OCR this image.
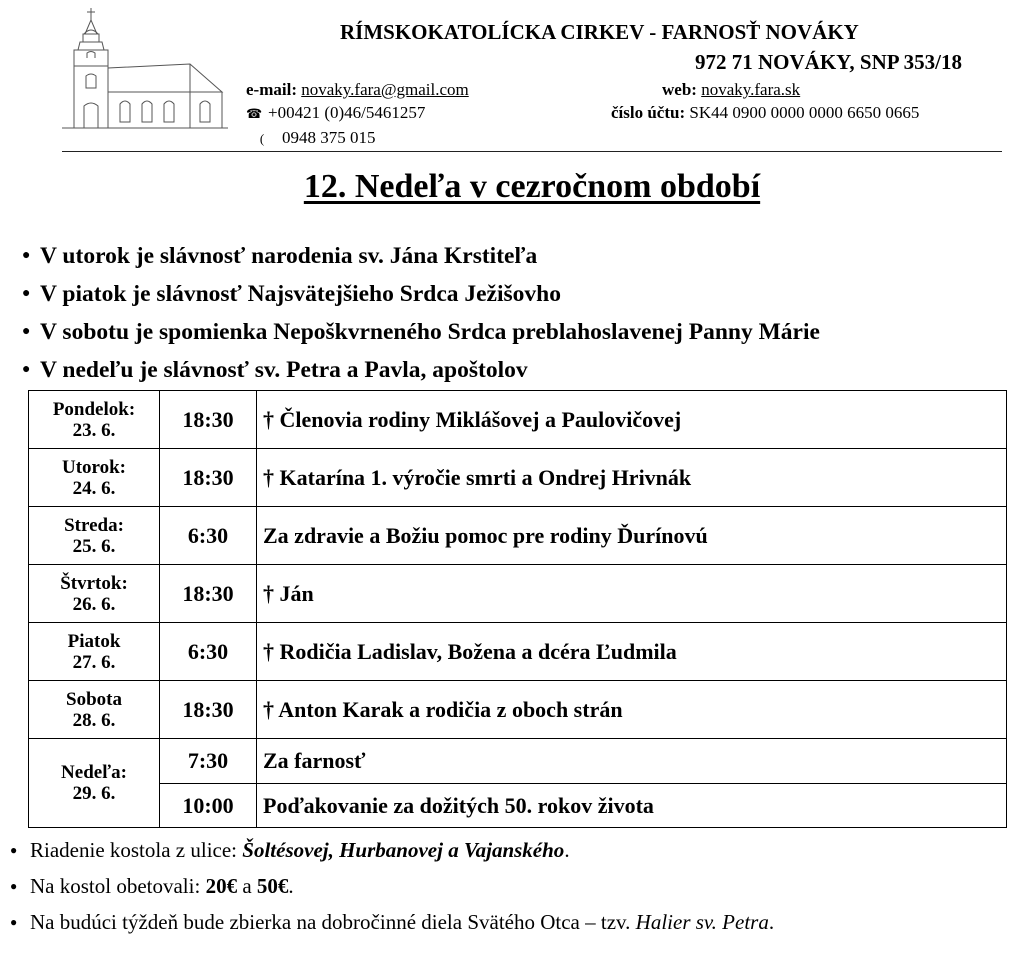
RÍMSKOKATOLÍCKA CIRKEV - FARNOSŤ NOVÁKY
972 71 NOVÁKY, SNP 353/18
e-mail: novaky.fara@gmail.com	web: novaky.fara.sk
☎ +00421 (0)46/5461257	číslo účtu: SK44 0900 0000 0000 6650 0665
( 0948 375 015
12. Nedeľa v cezročnom období
● V utorok je slávnosť narodenia sv. Jána Krstiteľa
● V piatok je slávnosť Najsvätejšieho Srdca Ježišovho
● V sobotu je spomienka Nepoškvrneného Srdca preblahoslavenej Panny Márie
● V nedeľu je slávnosť sv. Petra a Pavla, apoštolov
Pondelok:
23. 6.	18:30	† Členovia rodiny Miklášovej a Paulovičovej

Utorok:
24. 6.	18:30	† Katarína 1. výročie smrti a Ondrej Hrivnák

Streda:
25. 6.	6:30	Za zdravie a Božiu pomoc pre rodiny Ďurínovú

Štvrtok:
26. 6.	18:30	† Ján

Piatok
27. 6.	6:30	† Rodičia Ladislav, Božena a dcéra Ľudmila

Sobota
28. 6.	18:30	† Anton Karak a rodičia z oboch strán

Nedeľa:
29. 6.	7:30	Za farnosť
	10:00	Poďakovanie za dožitých 50. rokov života
● Riadenie kostola z ulice: Šoltésovej, Hurbanovej a Vajanského.
● Na kostol obetovali: 20€ a 50€.
● Na budúci týždeň bude zbierka na dobročinné diela Svätého Otca – tzv. Halier sv. Petra.
